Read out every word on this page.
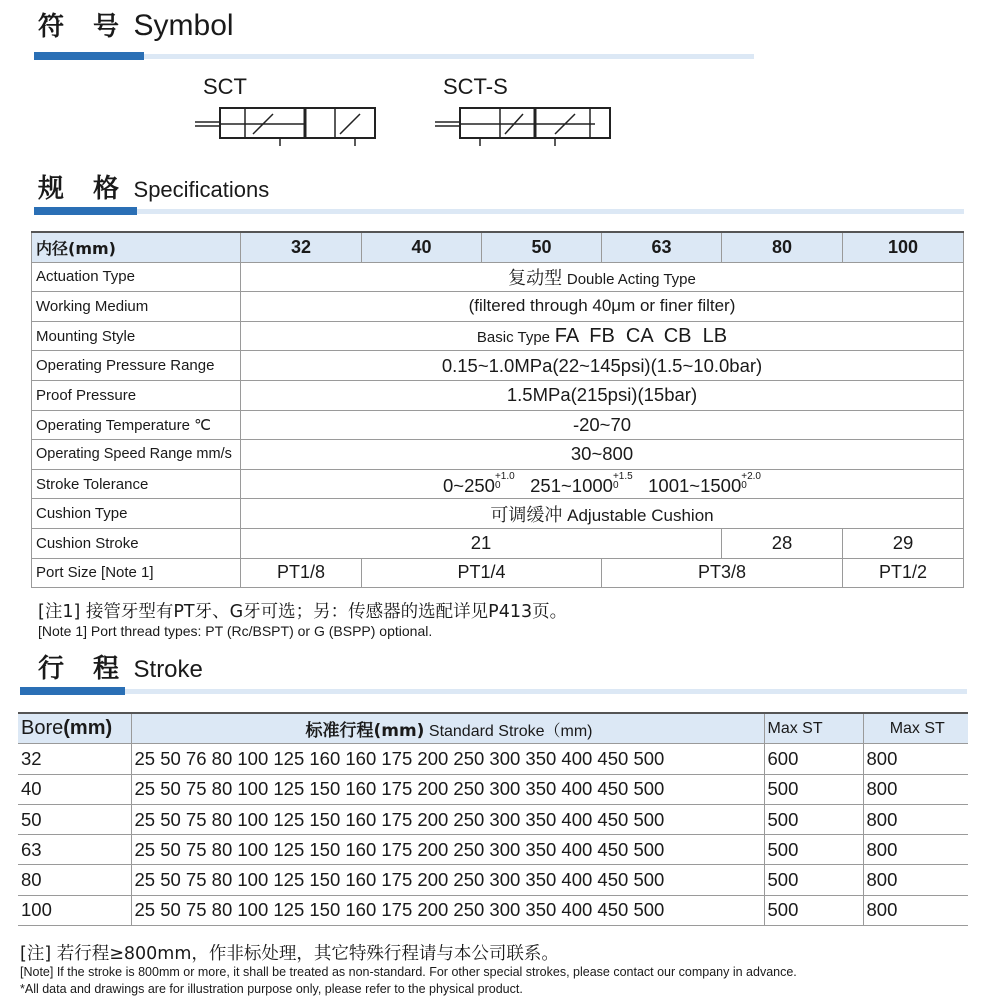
符 号 Symbol
SCT	SCT-S
规 格 Specifications
内径(mm)	32	40	50	63	80	100
Actuation Type	复动型 Double Acting Type					
Working Medium	(filtered through 40μm or finer filter)					
Mounting Style	Basic Type FA  FB  CA  CB  LB					
Operating Pressure Range	0.15~1.0MPa(22~145psi)(1.5~10.0bar)					
Proof Pressure	1.5MPa(215psi)(15bar)					
Operating Temperature ℃	-20~70					
Operating Speed Range mm/s	30~800					
Stroke Tolerance	$0\sim 250^{+1.0 0}$ $251\sim 1000^{+1.5 0}$ $1001\sim 1500^{+2.0 0}$
Cushion Type	可调缓冲 Adjustable Cushion					
Cushion Stroke	21				28	29
Port Size [Note 1]	PT1/8	PT1/4		PT3/8		PT1/2
[注1] 接管牙型有PT牙、G牙可选；另：传感器的选配详见P413页。
[Note 1] Port thread types: PT (Rc/BSPT) or G (BSPP) optional.
行 程 Stroke
Bore(mm)	标准行程(mm) Standard Stroke（mm)	Max ST	Max ST
32	25 50 76 80 100 125 160 160 175 200 250 300 350 400 450 500	600	800
40	25 50 75 80 100 125 150 160 175 200 250 300 350 400 450 500	500	800
50	25 50 75 80 100 125 150 160 175 200 250 300 350 400 450 500	500	800
63	25 50 75 80 100 125 150 160 175 200 250 300 350 400 450 500	500	800
80	25 50 75 80 100 125 150 160 175 200 250 300 350 400 450 500	500	800
100	25 50 75 80 100 125 150 160 175 200 250 300 350 400 450 500	500	800
[注] 若行程≥800mm，作非标处理，其它特殊行程请与本公司联系。
[Note] If the stroke is 800mm or more, it shall be treated as non-standard. For other special strokes, please contact our company in advance.
*All data and drawings are for illustration purpose only, please refer to the physical product.
